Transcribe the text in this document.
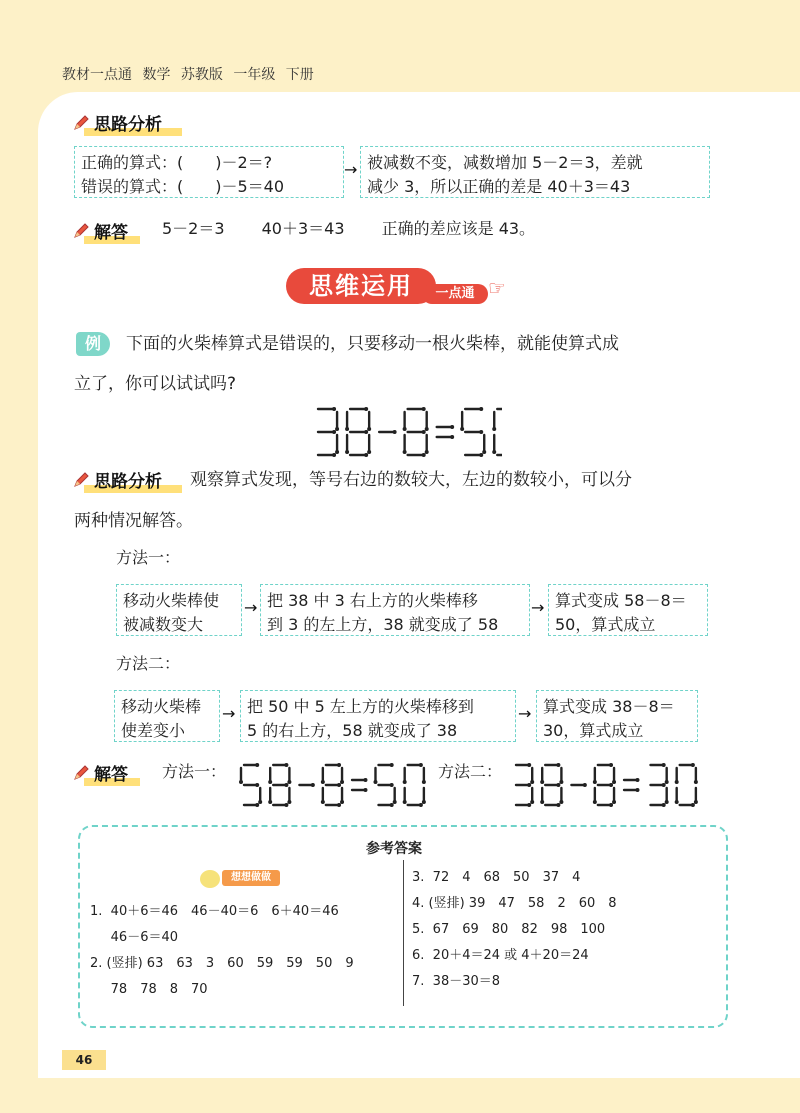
教材一点通 数学 苏教版 一年级 下册
思路分析
正确的算式：(　　)－2＝?
错误的算式：(　　)－5＝40
→ 被减数不变，减数增加 5－2＝3，差就
减少 3，所以正确的差是 40＋3＝43
解答 5－2＝3　　 40＋3＝43　　 正确的差应该是 43。
思维运用	一点通 ☞
例	下面的火柴棒算式是错误的，只要移动一根火柴棒，就能使算式成
立了，你可以试试吗?
思路分析 观察算式发现，等号右边的数较大，左边的数较小，可以分
两种情况解答。
方法一：
移动火柴棒使
被减数变大
→ 把 38 中 3 右上方的火柴棒移
到 3 的左上方，38 就变成了 58
→ 算式变成 58－8＝
50，算式成立
方法二：
移动火柴棒
使差变小
→ 把 50 中 5 左上方的火柴棒移到
5 的右上方，58 就变成了 38
→ 算式变成 38－8＝
30，算式成立
解答 方法一：	方法二：
参考答案
想想做做
1.  40＋6＝46　46－40＝6　6＋40＝46
46－6＝40
2. (竖排) 63　63　3　60　59　59　50　9
78　78　8　70
3.  72　4　68　50　37　4
4. (竖排) 39　47　58　2　60　8
5.  67　69　80　82　98　100
6.  20＋4＝24 或 4＋20＝24
7.  38－30＝8
46
